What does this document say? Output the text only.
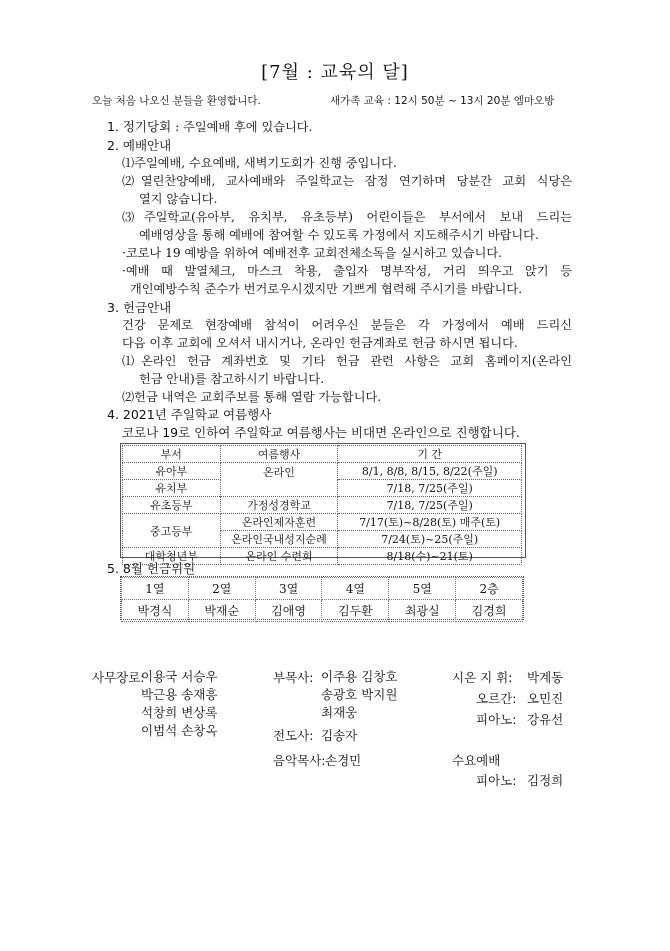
[7월 : 교육의 달]
오늘 처음 나오신 분들을 환영합니다.	새가족 교육 : 12시 50분 ~ 13시 20분 엠마오방
1. 정기당회 : 주일예배 후에 있습니다.
2. 예배안내
⑴주일예배, 수요예배, 새벽기도회가 진행 중입니다.
⑵열린찬양예배, 교사예배와 주일학교는 잠정 연기하며 당분간 교회 식당은
열지 않습니다.
⑶주일학교(유아부, 유치부, 유초등부) 어린이들은 부서에서 보내 드리는
예배영상을 통해 예배에 참여할 수 있도록 가정에서 지도해주시기 바랍니다.
·코로나 19 예방을 위하여 예배전후 교회전체소독을 실시하고 있습니다.
·예배 때 발열체크, 마스크 착용, 출입자 명부작성, 거리 띄우고 앉기 등
개인예방수칙 준수가 번거로우시겠지만 기쁘게 협력해 주시기를 바랍니다.
3. 헌금안내
건강 문제로 현장예배 참석이 어려우신 분들은 각 가정에서 예배 드리신
다음 이후 교회에 오셔서 내시거나, 온라인 헌금계좌로 헌금 하시면 됩니다.
⑴온라인 헌금 계좌번호 및 기타 헌금 관련 사항은 교회 홈페이지(온라인
헌금 안내)를 참고하시기 바랍니다.
⑵헌금 내역은 교회주보를 통해 열람 가능합니다.
4. 2021년 주일학교 여름행사
코로나 19로 인하여 주일학교 여름행사는 비대면 온라인으로 진행합니다.
부서	여름행사	기 간
유아부	온라인	8/1, 8/8, 8/15, 8/22(주일)
유치부		7/18, 7/25(주일)
유초등부	가정성경학교	7/18, 7/25(주일)
중고등부	온라인제자훈련	7/17(토)~8/28(토) 매주(토)
	온라인국내성지순례	7/24(토)~25(주일)
대학청년부	온라인 수련회	8/18(수)~21(토)
5. 8월 헌금위원
1열	2열	3열	4열	5열	2층
박경식	박재순	김애영	김두환	최광실	김경희
사무장로:
이용국 서승우
박근용 송재흥
석창희 변상록
이범석 손창옥
부목사: 이주용 김창호
송광호 박지원
최재웅
전도사: 김송자
음악목사: 손경민
시온 지 휘: 박계동
오르간: 오민진
피아노: 강유선
수요예배
피아노: 김정희
